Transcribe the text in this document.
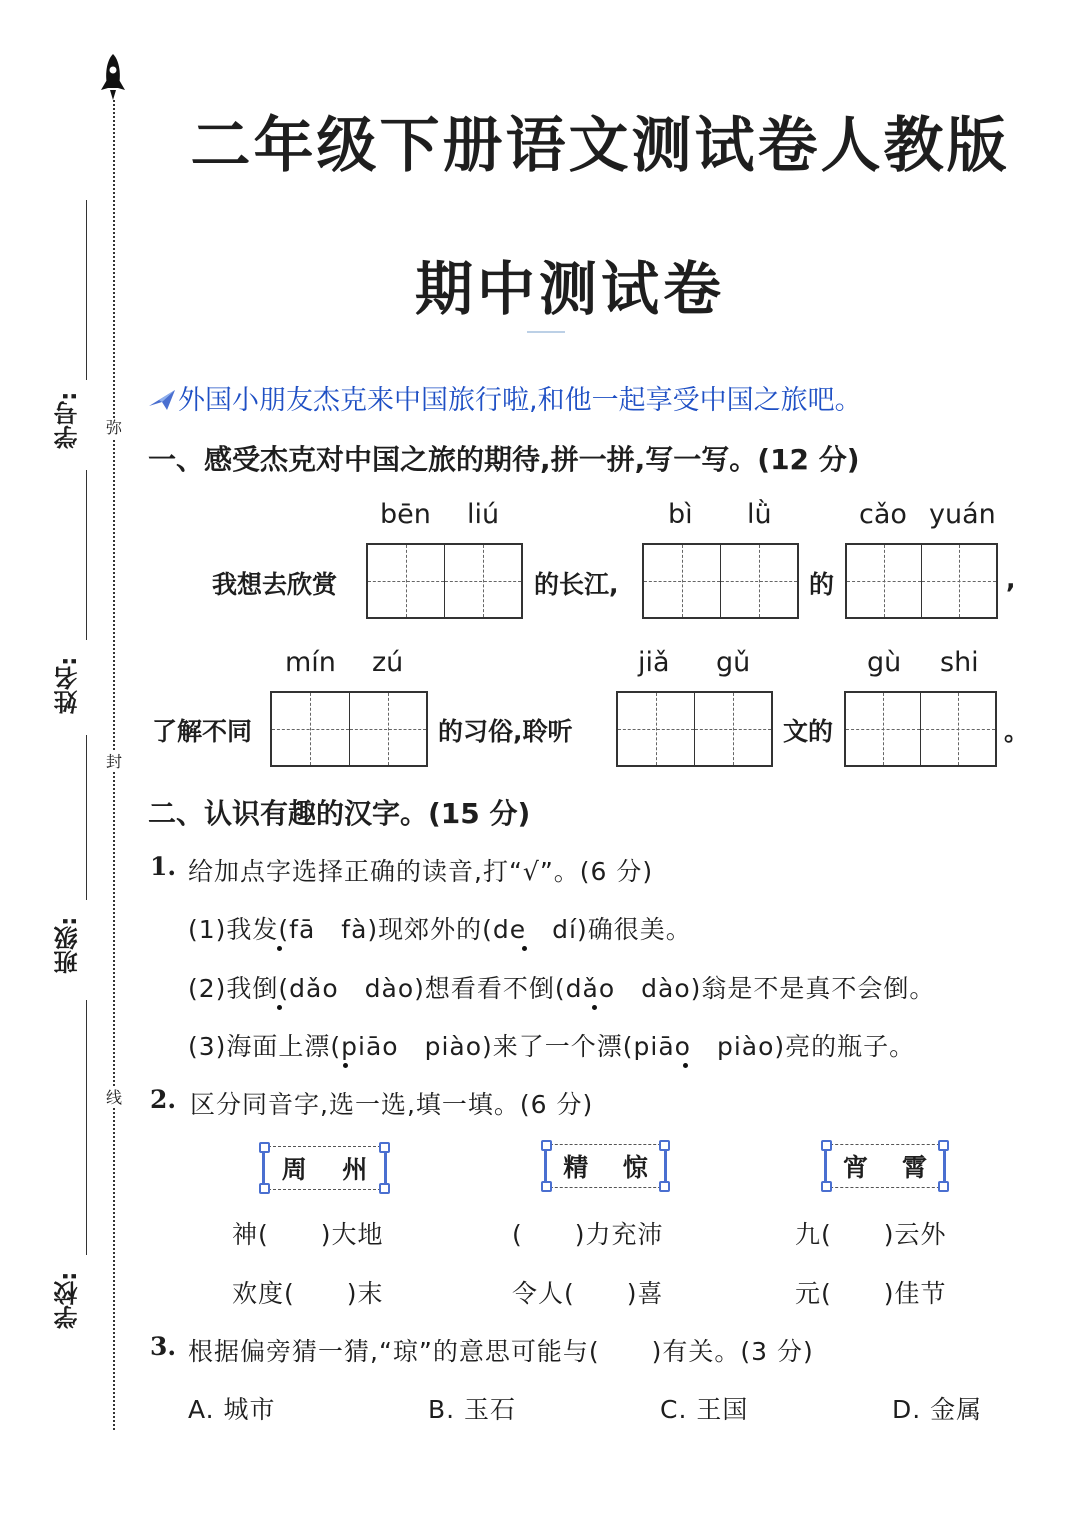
学号:
姓名:
班级:
学校:
弥
封
线
二年级下册语文测试卷人教版
期中测试卷
外国小朋友杰克来中国旅行啦,和他一起享受中国之旅吧。
一、感受杰克对中国之旅的期待,拼一拼,写一写。(12 分)
bēn liú	bì lǜ	cǎo yuán
我想去欣赏	的长江,	的	,
mín zú	jiǎ gǔ	gù shi
了解不同	的习俗,聆听	文的	。
二、认识有趣的汉字。(15 分)
1. 给加点字选择正确的读音,打“√”。(6 分)
(1)我发(fā　fà)现郊外的(de　dí)确很美。
(2)我倒(dǎo　dào)想看看不倒(dǎo　dào)翁是不是真不会倒。
(3)海面上漂(piāo　piào)来了一个漂(piāo　piào)亮的瓶子。
2. 区分同音字,选一选,填一填。(6 分)
周 州	精 惊	宵 霄
神(　　)大地	(　　)力充沛	九(　　)云外
欢度(　　)末	令人(　　)喜	元(　　)佳节
3. 根据偏旁猜一猜,“琼”的意思可能与(　　)有关。(3 分)
A. 城市	B. 玉石	C. 王国	D. 金属
